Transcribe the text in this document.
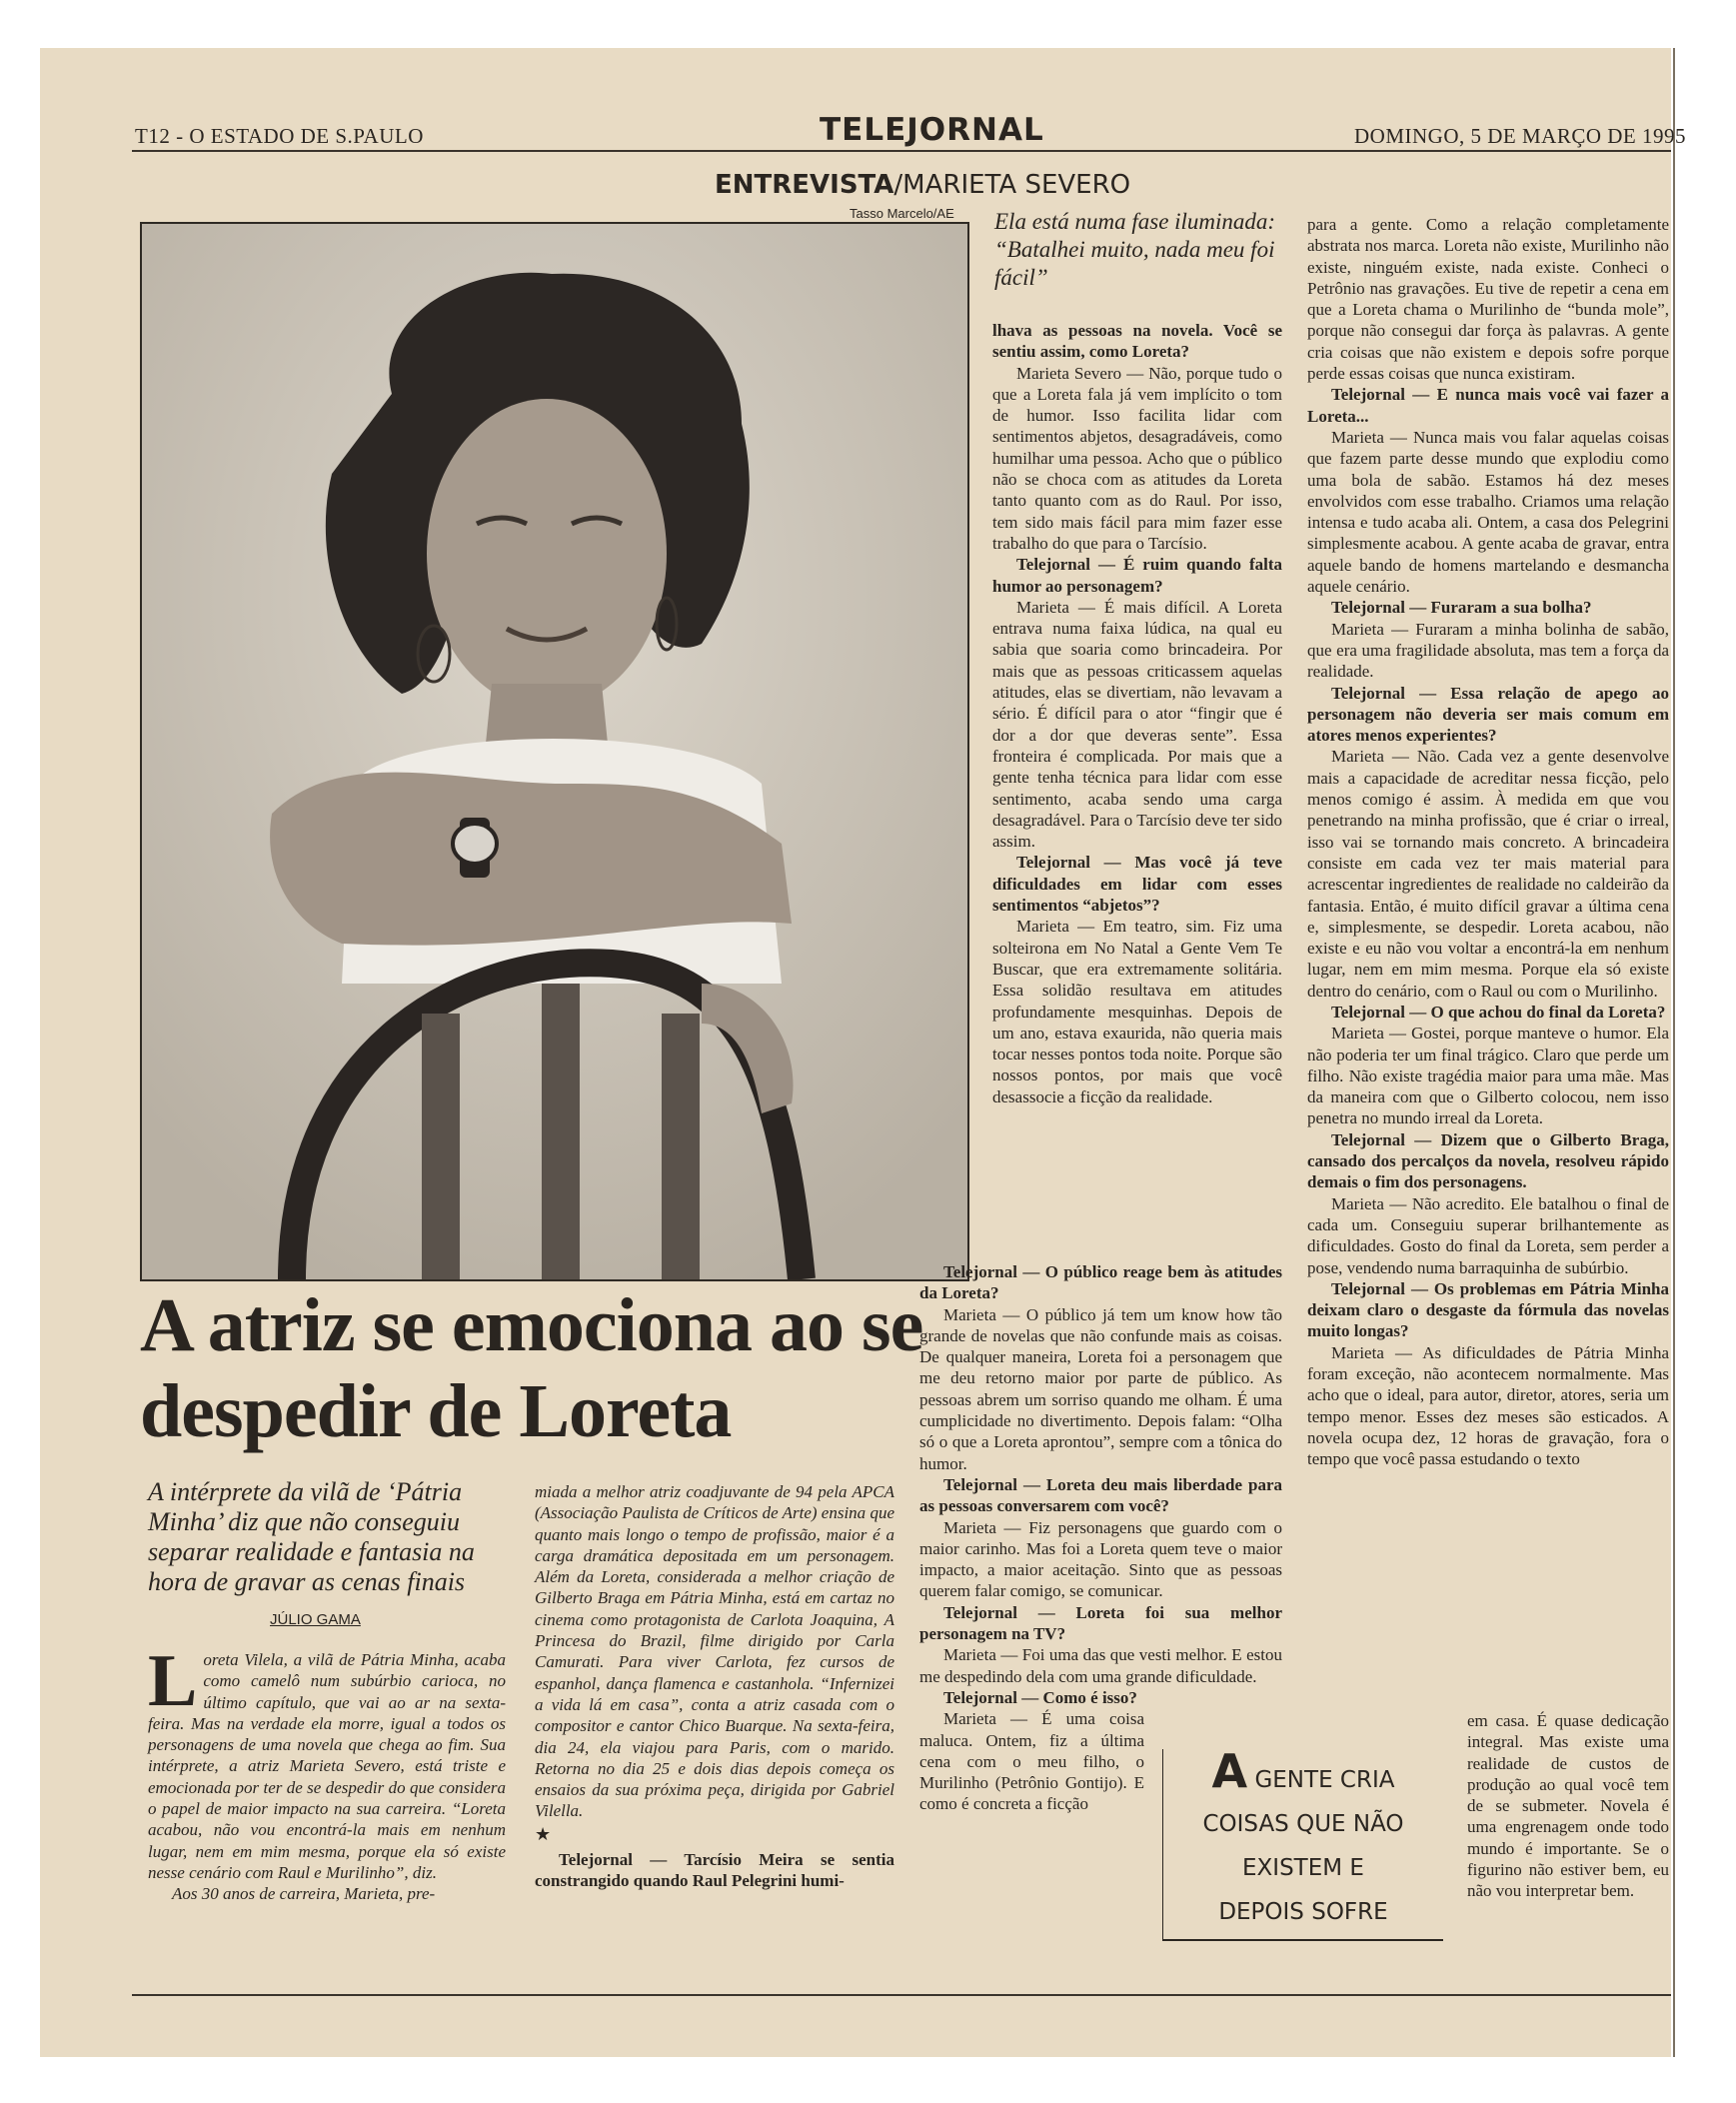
T12 - O ESTADO DE S.PAULO	TELEJORNAL	DOMINGO, 5 DE MARÇO DE 1995
ENTREVISTA/MARIETA SEVERO
Tasso Marcelo/AE
A atriz se emociona ao se despedir de Loreta
A intérprete da vilã de ‘Pátria Minha’ diz que não conseguiu separar realidade e fantasia na hora de gravar as cenas finais
JÚLIO GAMA
L oreta Vilela, a vilã de Pátria Minha, acaba como camelô num subúrbio carioca, no último capítulo, que vai ao ar na sexta-feira. Mas na verdade ela morre, igual a todos os personagens de uma novela que chega ao fim. Sua intérprete, a atriz Marieta Severo, está triste e emocionada por ter de se despedir do que considera o papel de maior impacto na sua carreira. “Loreta acabou, não vou encontrá-la mais em nenhum lugar, nem em mim mesma, porque ela só existe nesse cenário com Raul e Murilinho”, diz.

Aos 30 anos de carreira, Marieta, pre-

miada a melhor atriz coadjuvante de 94 pela APCA (Associação Paulista de Críticos de Arte) ensina que quanto mais longo o tempo de profissão, maior é a carga dramática depositada em um personagem. Além da Loreta, considerada a melhor criação de Gilberto Braga em Pátria Minha, está em cartaz no cinema como protagonista de Carlota Joaquina, A Princesa do Brazil, filme dirigido por Carla Camurati. Para viver Carlota, fez cursos de espanhol, dança flamenca e castanhola. “Infernizei a vida lá em casa”, conta a atriz casada com o compositor e cantor Chico Buarque. Na sexta-feira, dia 24, ela viajou para Paris, com o marido. Retorna no dia 25 e dois dias depois começa os ensaios da sua próxima peça, dirigida por Gabriel Vilella.

★

Telejornal — Tarcísio Meira se sentia constrangido quando Raul Pelegrini humi-

Ela está numa fase iluminada: “Batalhei muito, nada meu foi fácil”

lhava as pessoas na novela. Você se sentiu assim, como Loreta?

Marieta Severo — Não, porque tudo o que a Loreta fala já vem implícito o tom de humor. Isso facilita lidar com sentimentos abjetos, desagradáveis, como humilhar uma pessoa. Acho que o público não se choca com as atitudes da Loreta tanto quanto com as do Raul. Por isso, tem sido mais fácil para mim fazer esse trabalho do que para o Tarcísio.

Telejornal — É ruim quando falta humor ao personagem?

Marieta — É mais difícil. A Loreta entrava numa faixa lúdica, na qual eu sabia que soaria como brincadeira. Por mais que as pessoas criticassem aquelas atitudes, elas se divertiam, não levavam a sério. É difícil para o ator “fingir que é dor a dor que deveras sente”. Essa fronteira é complicada. Por mais que a gente tenha técnica para lidar com esse sentimento, acaba sendo uma carga desagradável. Para o Tarcísio deve ter sido assim.

Telejornal — Mas você já teve dificuldades em lidar com esses sentimentos “abjetos”?

Marieta — Em teatro, sim. Fiz uma solteirona em No Natal a Gente Vem Te Buscar, que era extremamente solitária. Essa solidão resultava em atitudes profundamente mesquinhas. Depois de um ano, estava exaurida, não queria mais tocar nesses pontos toda noite. Porque são nossos pontos, por mais que você desassocie a ficção da realidade.

Telejornal — O público reage bem às atitudes da Loreta?

Marieta — O público já tem um know how tão grande de novelas que não confunde mais as coisas. De qualquer maneira, Loreta foi a personagem que me deu retorno maior por parte de público. As pessoas abrem um sorriso quando me olham. É uma cumplicidade no divertimento. Depois falam: “Olha só o que a Loreta aprontou”, sempre com a tônica do humor.

Telejornal — Loreta deu mais liberdade para as pessoas conversarem com você?

Marieta — Fiz personagens que guardo com o maior carinho. Mas foi a Loreta quem teve o maior impacto, a maior aceitação. Sinto que as pessoas querem falar comigo, se comunicar.

Telejornal — Loreta foi sua melhor personagem na TV?

Marieta — Foi uma das que vesti melhor. E estou me despedindo dela com uma grande dificuldade.

Telejornal — Como é isso?

Marieta — É uma coisa maluca. Ontem, fiz a última cena com o meu filho, o Murilinho (Petrônio Gontijo). E como é concreta a ficção

para a gente. Como a relação completamente abstrata nos marca. Loreta não existe, Murilinho não existe, ninguém existe, nada existe. Conheci o Petrônio nas gravações. Eu tive de repetir a cena em que a Loreta chama o Murilinho de “bunda mole”, porque não consegui dar força às palavras. A gente cria coisas que não existem e depois sofre porque perde essas coisas que nunca existiram.

Telejornal — E nunca mais você vai fazer a Loreta...

Marieta — Nunca mais vou falar aquelas coisas que fazem parte desse mundo que explodiu como uma bola de sabão. Estamos há dez meses envolvidos com esse trabalho. Criamos uma relação intensa e tudo acaba ali. Ontem, a casa dos Pelegrini simplesmente acabou. A gente acaba de gravar, entra aquele bando de homens martelando e desmancha aquele cenário.

Telejornal — Furaram a sua bolha?

Marieta — Furaram a minha bolinha de sabão, que era uma fragilidade absoluta, mas tem a força da realidade.

Telejornal — Essa relação de apego ao personagem não deveria ser mais comum em atores menos experientes?

Marieta — Não. Cada vez a gente desenvolve mais a capacidade de acreditar nessa ficção, pelo menos comigo é assim. À medida em que vou penetrando na minha profissão, que é criar o irreal, isso vai se tornando mais concreto. A brincadeira consiste em cada vez ter mais material para acrescentar ingredientes de realidade no caldeirão da fantasia. Então, é muito difícil gravar a última cena e, simplesmente, se despedir. Loreta acabou, não existe e eu não vou voltar a encontrá-la em nenhum lugar, nem em mim mesma. Porque ela só existe dentro do cenário, com o Raul ou com o Murilinho.

Telejornal — O que achou do final da Loreta?

Marieta — Gostei, porque manteve o humor. Ela não poderia ter um final trágico. Claro que perde um filho. Não existe tragédia maior para uma mãe. Mas da maneira com que o Gilberto colocou, nem isso penetra no mundo irreal da Loreta.

Telejornal — Dizem que o Gilberto Braga, cansado dos percalços da novela, resolveu rápido demais o fim dos personagens.

Marieta — Não acredito. Ele batalhou o final de cada um. Conseguiu superar brilhantemente as dificuldades. Gosto do final da Loreta, sem perder a pose, vendendo numa barraquinha de subúrbio.

Telejornal — Os problemas em Pátria Minha deixam claro o desgaste da fórmula das novelas muito longas?

Marieta — As dificuldades de Pátria Minha foram exceção, não acontecem normalmente. Mas acho que o ideal, para autor, diretor, atores, seria um tempo menor. Esses dez meses são esticados. A novela ocupa dez, 12 horas de gravação, fora o tempo que você passa estudando o texto

em casa. É quase dedicação integral. Mas existe uma realidade de custos de produção ao qual você tem de se submeter. Novela é uma engrenagem onde todo mundo é importante. Se o figurino não estiver bem, eu não vou interpretar bem.

A GENTE CRIA
COISAS QUE NÃO
EXISTEM E
DEPOIS SOFRE
